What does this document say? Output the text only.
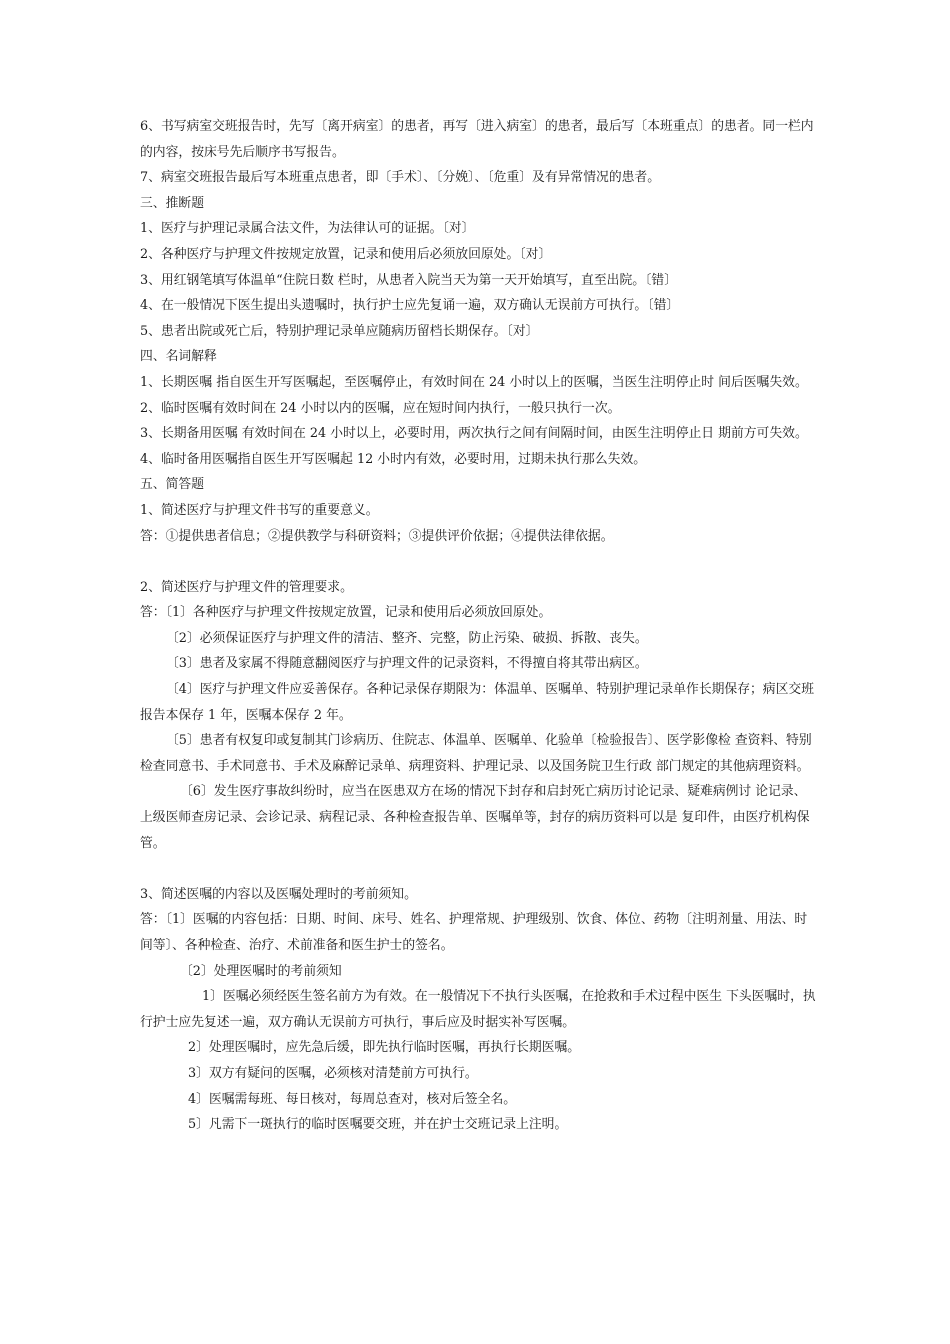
6、书写病室交班报告时，先写〔离开病室〕的患者，再写〔进入病室〕的患者，最后写〔本班重点〕的患者。同一栏内的内容，按床号先后顺序书写报告。

7、病室交班报告最后写本班重点患者，即〔手术〕、〔分娩〕、〔危重〕及有异常情况的患者。

三、推断题

1、医疗与护理记录属合法文件，为法律认可的证据。〔对〕

2、各种医疗与护理文件按规定放置，记录和使用后必须放回原处。〔对〕

3、用红钢笔填写体温单“住院日数 栏时，从患者入院当天为第一天开始填写，直至出院。〔错〕

4、在一般情况下医生提出头遗嘱时，执行护士应先复诵一遍，双方确认无误前方可执行。〔错〕

5、患者出院或死亡后，特别护理记录单应随病历留档长期保存。〔对〕

四、名词解释

1、长期医嘱 指自医生开写医嘱起，至医嘱停止，有效时间在 24 小时以上的医嘱，当医生注明停止时 间后医嘱失效。

2、临时医嘱有效时间在 24 小时以内的医嘱，应在短时间内执行，一般只执行一次。

3、长期备用医嘱 有效时间在 24 小时以上，必要时用，两次执行之间有间隔时间，由医生注明停止日 期前方可失效。

4、临时备用医嘱指自医生开写医嘱起 12 小时内有效，必要时用，过期未执行那么失效。

五、简答题

1、简述医疗与护理文件书写的重要意义。

答：①提供患者信息；②提供教学与科研资料；③提供评价依据；④提供法律依据。

2、简述医疗与护理文件的管理要求。

答：〔1〕各种医疗与护理文件按规定放置，记录和使用后必须放回原处。

〔2〕必须保证医疗与护理文件的清洁、整齐、完整，防止污染、破损、拆散、丧失。

〔3〕患者及家属不得随意翻阅医疗与护理文件的记录资料，不得擅自将其带出病区。

〔4〕医疗与护理文件应妥善保存。各种记录保存期限为：体温单、医嘱单、特别护理记录单作长期保存；病区交班报告本保存 1 年，医嘱本保存 2 年。

〔5〕患者有权复印或复制其门诊病历、住院志、体温单、医嘱单、化验单〔检验报告〕、医学影像检 查资料、特别检查同意书、手术同意书、手术及麻醉记录单、病理资料、护理记录、以及国务院卫生行政 部门规定的其他病理资料。

〔6〕发生医疗事故纠纷时，应当在医患双方在场的情况下封存和启封死亡病历讨论记录、疑难病例讨 论记录、上级医师查房记录、会诊记录、病程记录、各种检查报告单、医嘱单等，封存的病历资料可以是 复印件，由医疗机构保管。

3、简述医嘱的内容以及医嘱处理时的考前须知。

答：〔1〕医嘱的内容包括：日期、时间、床号、姓名、护理常规、护理级别、饮食、体位、药物〔注明剂量、用法、时间等〕、各种检查、治疗、术前准备和医生护士的签名。

〔2〕处理医嘱时的考前须知

1〕医嘱必须经医生签名前方为有效。在一般情况下不执行头医嘱，在抢救和手术过程中医生 下头医嘱时，执行护士应先复述一遍，双方确认无误前方可执行，事后应及时据实补写医嘱。

2〕处理医嘱时，应先急后缓，即先执行临时医嘱，再执行长期医嘱。

3〕双方有疑问的医嘱，必须核对清楚前方可执行。

4〕医嘱需每班、每日核对，每周总查对，核对后签全名。

5〕凡需下一斑执行的临时医嘱要交班，并在护士交班记录上注明。
